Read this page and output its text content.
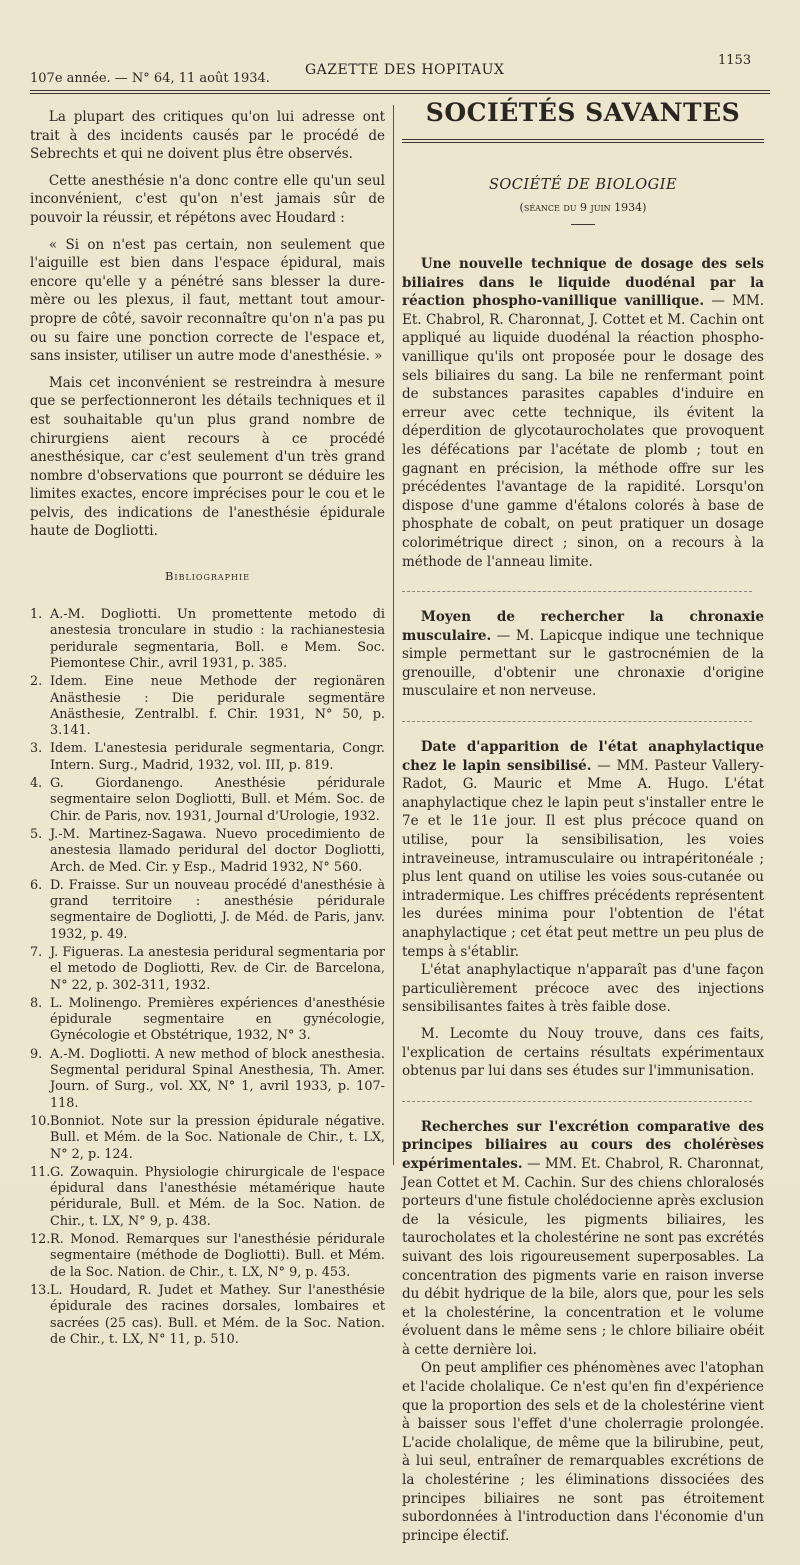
107e année. — N° 64, 11 août 1934.
GAZETTE DES HOPITAUX
1153

La plupart des critiques qu'on lui adresse ont trait à des incidents causés par le procédé de Sebrechts et qui ne doivent plus être observés.

Cette anesthésie n'a donc contre elle qu'un seul inconvénient, c'est qu'on n'est jamais sûr de pouvoir la réussir, et répétons avec Houdard :

« Si on n'est pas certain, non seulement que l'aiguille est bien dans l'espace épidural, mais encore qu'elle y a pénétré sans blesser la dure-mère ou les plexus, il faut, mettant tout amour-propre de côté, savoir reconnaître qu'on n'a pas pu ou su faire une ponction correcte de l'espace et, sans insister, utiliser un autre mode d'anesthésie. »

Mais cet inconvénient se restreindra à mesure que se perfectionneront les détails techniques et il est souhaitable qu'un plus grand nombre de chirurgiens aient recours à ce procédé anesthésique, car c'est seulement d'un très grand nombre d'observations que pourront se déduire les limites exactes, encore imprécises pour le cou et le pelvis, des indications de l'anesthésie épidurale haute de Dogliotti.

Bibliographie
1. A.-M. Dogliotti. Un promettente metodo di anestesia tronculare in studio : la rachianestesia peridurale segmentaria, Boll. e Mem. Soc. Piemontese Chir., avril 1931, p. 385.
2. Idem. Eine neue Methode der regionären Anästhesie : Die peridurale segmentäre Anästhesie, Zentralbl. f. Chir. 1931, N° 50, p. 3.141.
3. Idem. L'anestesia peridurale segmentaria, Congr. Intern. Surg., Madrid, 1932, vol. III, p. 819.
4. G. Giordanengo. Anesthésie péridurale segmentaire selon Dogliotti, Bull. et Mém. Soc. de Chir. de Paris, nov. 1931, Journal d'Urologie, 1932.
5. J.-M. Martinez-Sagawa. Nuevo procedimiento de anestesia llamado peridural del doctor Dogliotti, Arch. de Med. Cir. y Esp., Madrid 1932, N° 560.
6. D. Fraisse. Sur un nouveau procédé d'anesthésie à grand territoire : anesthésie péridurale segmentaire de Dogliotti, J. de Méd. de Paris, janv. 1932, p. 49.
7. J. Figueras. La anestesia peridural segmentaria por el metodo de Dogliotti, Rev. de Cir. de Barcelona, N° 22, p. 302-311, 1932.
8. L. Molinengo. Premières expériences d'anesthésie épidurale segmentaire en gynécologie, Gynécologie et Obstétrique, 1932, N° 3.
9. A.-M. Dogliotti. A new method of block anesthesia. Segmental peridural Spinal Anesthesia, Th. Amer. Journ. of Surg., vol. XX, N° 1, avril 1933, p. 107-118.
10.Bonniot. Note sur la pression épidurale négative. Bull. et Mém. de la Soc. Nationale de Chir., t. LX, N° 2, p. 124.
11.G. Zowaquin. Physiologie chirurgicale de l'espace épidural dans l'anesthésie métamérique haute péridurale, Bull. et Mém. de la Soc. Nation. de Chir., t. LX, N° 9, p. 438.
12.R. Monod. Remarques sur l'anesthésie péridurale segmentaire (méthode de Dogliotti). Bull. et Mém. de la Soc. Nation. de Chir., t. LX, N° 9, p. 453.
13.L. Houdard, R. Judet et Mathey. Sur l'anesthésie épidurale des racines dorsales, lombaires et sacrées (25 cas). Bull. et Mém. de la Soc. Nation. de Chir., t. LX, N° 11, p. 510.
SOCIÉTÉS SAVANTES
SOCIÉTÉ DE BIOLOGIE
(séance du 9 juin 1934)

Une nouvelle technique de dosage des sels biliaires dans le liquide duodénal par la réaction phospho-vanillique vanillique. — MM. Et. Chabrol, R. Charonnat, J. Cottet et M. Cachin ont appliqué au liquide duodénal la réaction phospho-vanillique qu'ils ont proposée pour le dosage des sels biliaires du sang. La bile ne renfermant point de substances parasites capables d'induire en erreur avec cette technique, ils évitent la déperdition de glycotaurocholates que provoquent les défécations par l'acétate de plomb ; tout en gagnant en précision, la méthode offre sur les précédentes l'avantage de la rapidité. Lorsqu'on dispose d'une gamme d'étalons colorés à base de phosphate de cobalt, on peut pratiquer un dosage colorimétrique direct ; sinon, on a recours à la méthode de l'anneau limite.

Moyen de rechercher la chronaxie musculaire. — M. Lapicque indique une technique simple permettant sur le gastrocnémien de la grenouille, d'obtenir une chronaxie d'origine musculaire et non nerveuse.

Date d'apparition de l'état anaphylactique chez le lapin sensibilisé. — MM. Pasteur Vallery-Radot, G. Mauric et Mme A. Hugo. L'état anaphylactique chez le lapin peut s'installer entre le 7e et le 11e jour. Il est plus précoce quand on utilise, pour la sensibilisation, les voies intraveineuse, intramusculaire ou intrapéritonéale ; plus lent quand on utilise les voies sous-cutanée ou intradermique. Les chiffres précédents représentent les durées minima pour l'obtention de l'état anaphylactique ; cet état peut mettre un peu plus de temps à s'établir.

L'état anaphylactique n'apparaît pas d'une façon particulièrement précoce avec des injections sensibilisantes faites à très faible dose.

M. Lecomte du Nouy trouve, dans ces faits, l'explication de certains résultats expérimentaux obtenus par lui dans ses études sur l'immunisation.

Recherches sur l'excrétion comparative des principes biliaires au cours des cholérèses expérimentales. — MM. Et. Chabrol, R. Charonnat, Jean Cottet et M. Cachin. Sur des chiens chloralosés porteurs d'une fistule cholédocienne après exclusion de la vésicule, les pigments biliaires, les taurocholates et la cholestérine ne sont pas excrétés suivant des lois rigoureusement superposables. La concentration des pigments varie en raison inverse du débit hydrique de la bile, alors que, pour les sels et la cholestérine, la concentration et le volume évoluent dans le même sens ; le chlore biliaire obéit à cette dernière loi.

On peut amplifier ces phénomènes avec l'atophan et l'acide cholalique. Ce n'est qu'en fin d'expérience que la proportion des sels et de la cholestérine vient à baisser sous l'effet d'une cholerragie prolongée. L'acide cholalique, de même que la bilirubine, peut, à lui seul, entraîner de remarquables excrétions de la cholestérine ; les éliminations dissociées des principes biliaires ne sont pas étroitement subordonnées à l'introduction dans l'économie d'un principe électif.
